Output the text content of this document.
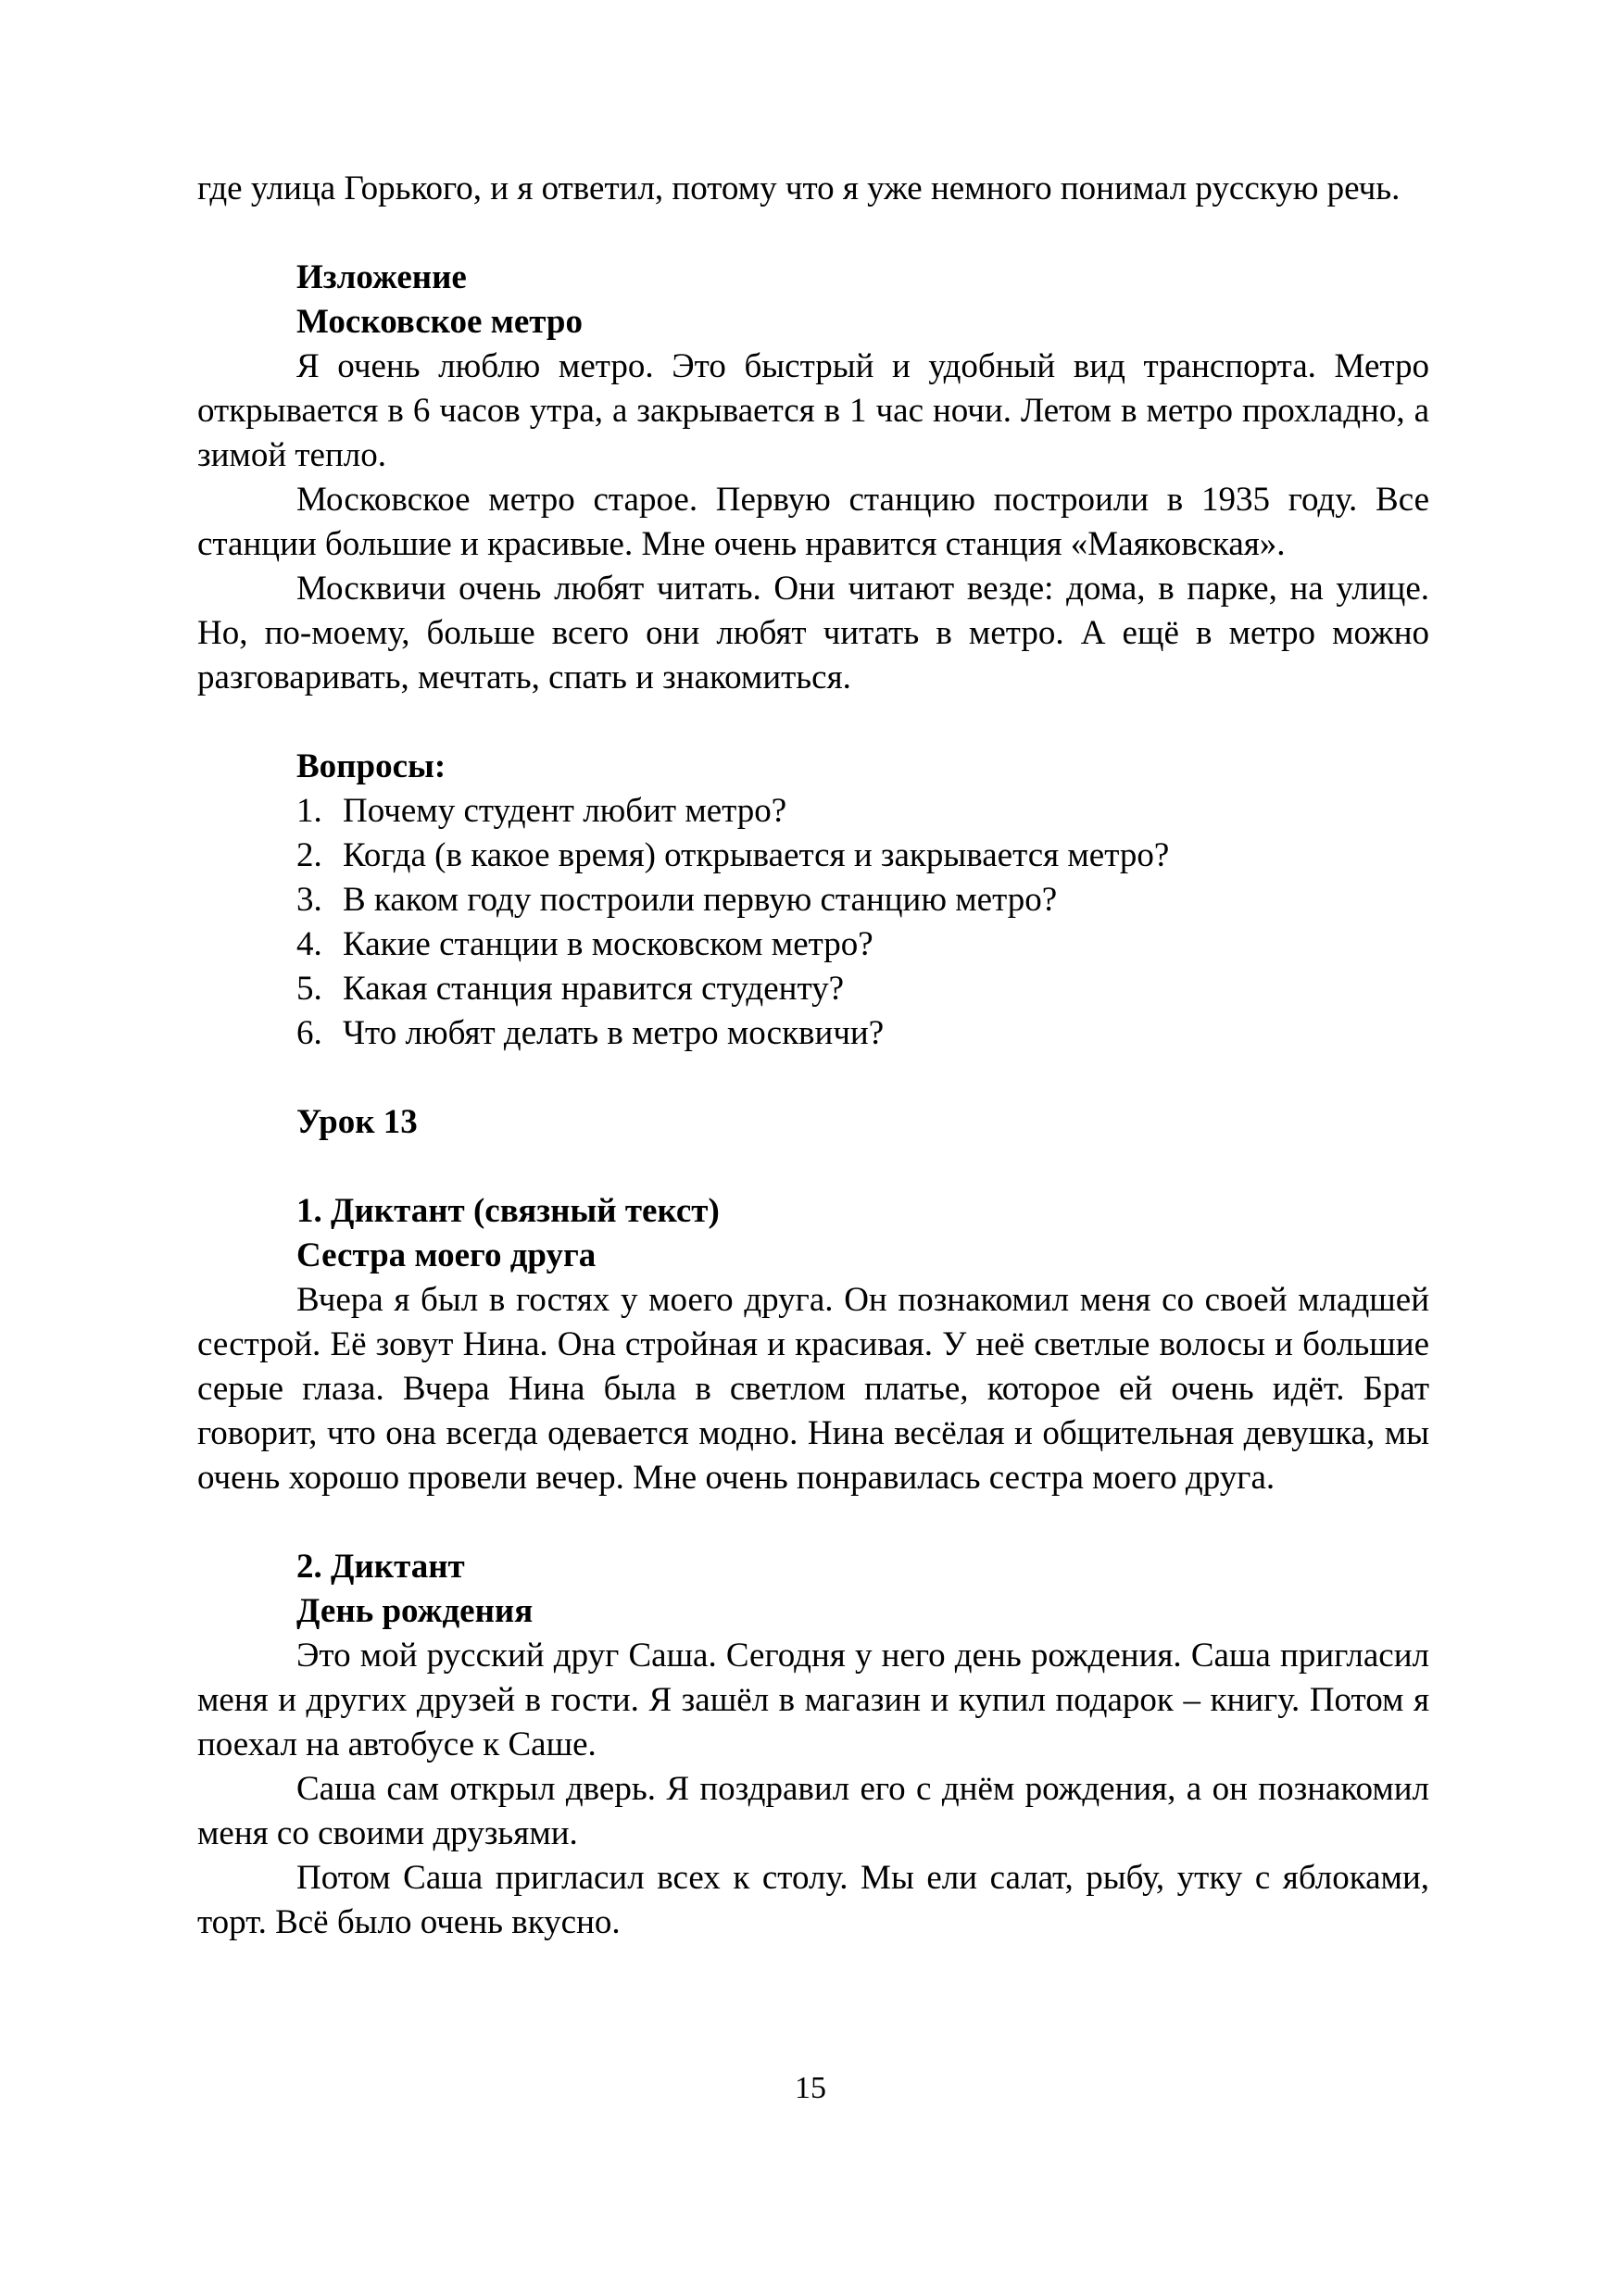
где улица Горького, и я ответил, потому что я уже немного понимал русскую речь.

Изложение
Московское метро

Я очень люблю метро. Это быстрый и удобный вид транспорта. Метро открывается в 6 часов утра, а закрывается в 1 час ночи. Летом в метро прохладно, а зимой тепло.

Московское метро старое. Первую станцию построили в 1935 году. Все станции большие и красивые. Мне очень нравится станция «Маяковская».

Москвичи очень любят читать. Они читают везде: дома, в парке, на улице. Но, по-моему, больше всего они любят читать в метро. А ещё в метро можно разговаривать, мечтать, спать и знакомиться.

Вопросы:
1. Почему студент любит метро?
2. Когда (в какое время) открывается и закрывается метро?
3. В каком году построили первую станцию метро?
4. Какие станции в московском метро?
5. Какая станция нравится студенту?
6. Что любят делать в метро москвичи?
Урок 13
1. Диктант (связный текст)
Сестра моего друга

Вчера я был в гостях у моего друга. Он познакомил меня со своей младшей сестрой. Её зовут Нина. Она стройная и красивая. У неё светлые волосы и большие серые глаза. Вчера Нина была в светлом платье, которое ей очень идёт. Брат говорит, что она всегда одевается модно. Нина весёлая и общительная девушка, мы очень хорошо провели вечер. Мне очень понравилась сестра моего друга.

2. Диктант
День рождения

Это мой русский друг Саша. Сегодня у него день рождения. Саша пригласил меня и других друзей в гости. Я зашёл в магазин и купил подарок – книгу. Потом я поехал на автобусе к Саше.

Саша сам открыл дверь. Я поздравил его с днём рождения, а он познакомил меня со своими друзьями.

Потом Саша пригласил всех к столу. Мы ели салат, рыбу, утку с яблоками, торт. Всё было очень вкусно.

15
